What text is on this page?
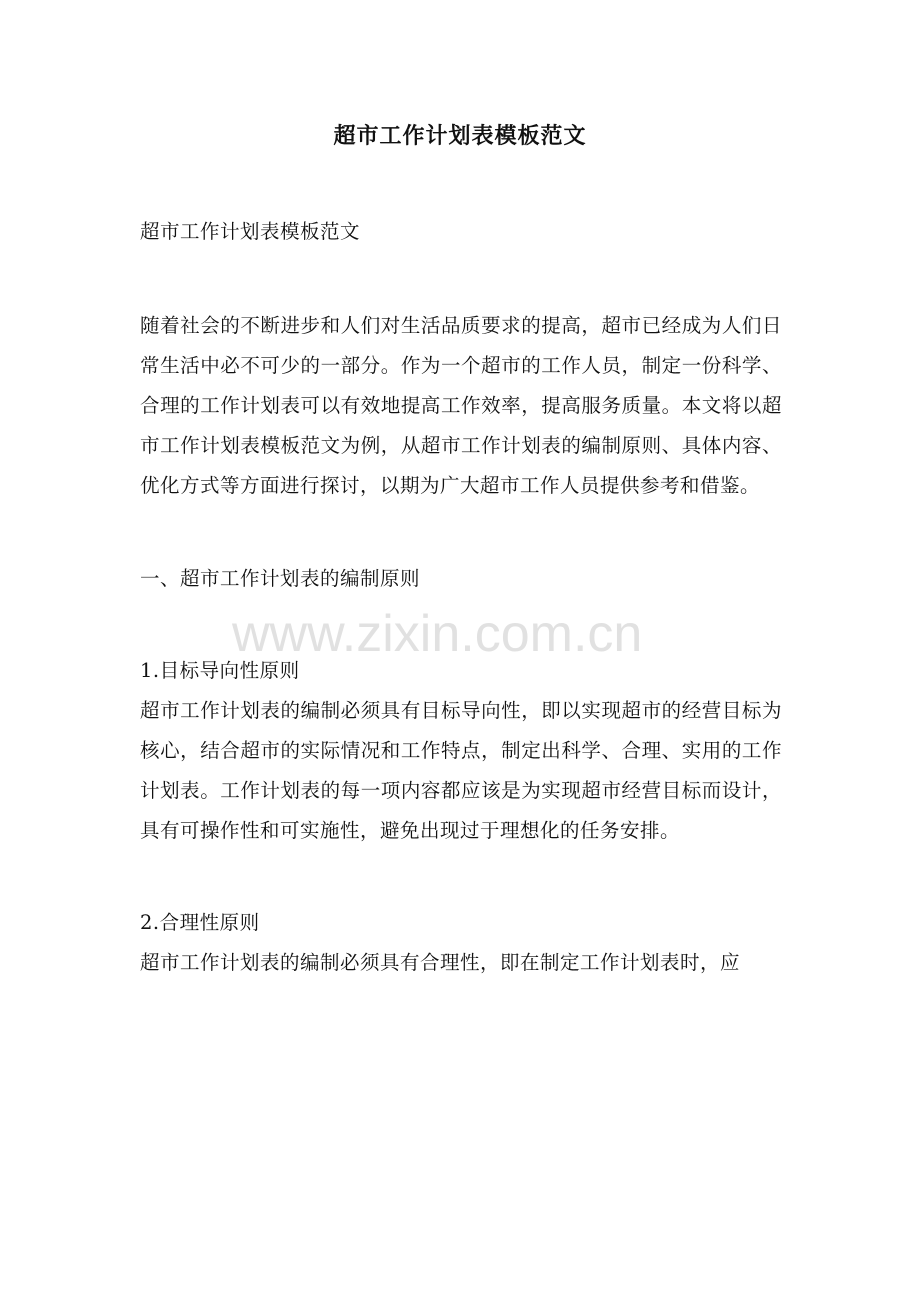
超市工作计划表模板范文

超市工作计划表模板范文

随着社会的不断进步和人们对生活品质要求的提高，超市已经成为人们日常生活中必不可少的一部分。作为一个超市的工作人员，制定一份科学、合理的工作计划表可以有效地提高工作效率，提高服务质量。本文将以超市工作计划表模板范文为例，从超市工作计划表的编制原则、具体内容、优化方式等方面进行探讨，以期为广大超市工作人员提供参考和借鉴。

一、超市工作计划表的编制原则

1.目标导向性原则

超市工作计划表的编制必须具有目标导向性，即以实现超市的经营目标为核心，结合超市的实际情况和工作特点，制定出科学、合理、实用的工作计划表。工作计划表的每一项内容都应该是为实现超市经营目标而设计，具有可操作性和可实施性，避免出现过于理想化的任务安排。

2.合理性原则

超市工作计划表的编制必须具有合理性，即在制定工作计划表时，应

www.zixin.com.cn
